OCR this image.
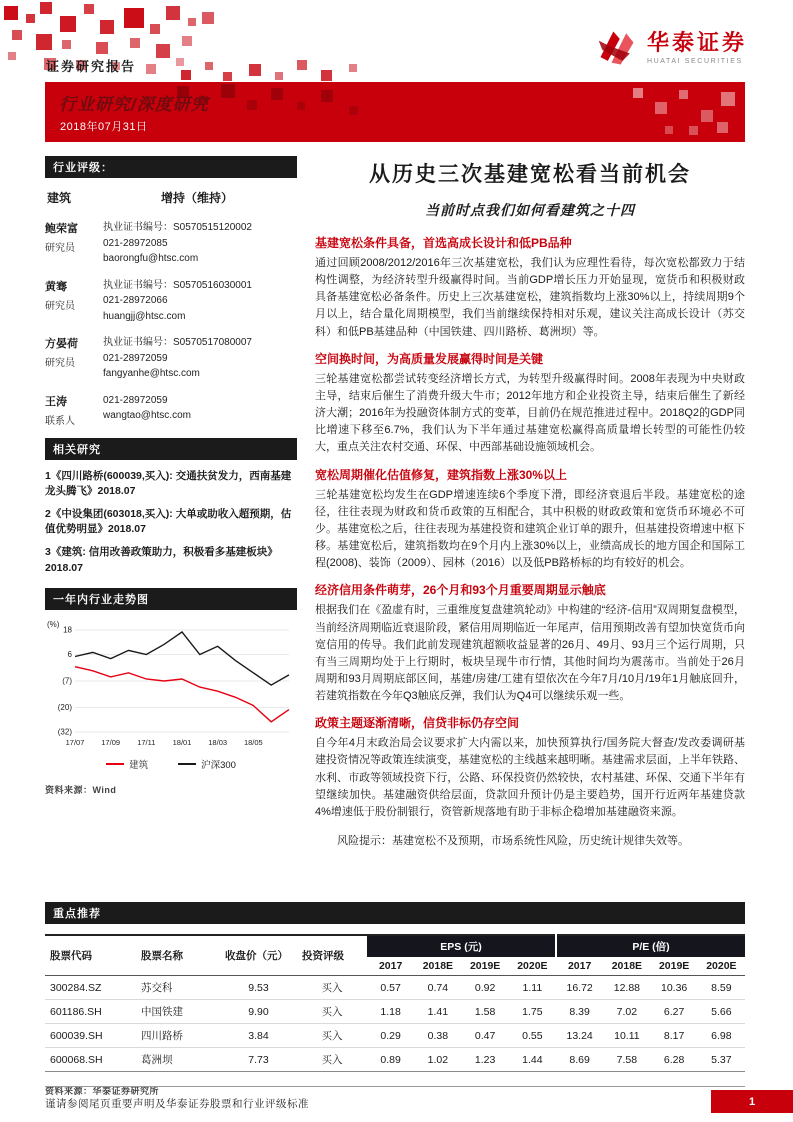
证券研究报告
华泰证券
HUATAI SECURITIES
行业研究/深度研究
2018年07月31日
行业评级：
建筑	增持（维持）
鲍荣富
研究员
执业证书编号：S0570515120002
021-28972085
baorongfu@htsc.com
黄骞
研究员
执业证书编号：S0570516030001
021-28972066
huangjj@htsc.com
方晏荷
研究员
执业证书编号：S0570517080007
021-28972059
fangyanhe@htsc.com
王涛
联系人
021-28972059
wangtao@htsc.com
相关研究
1《四川路桥(600039,买入): 交通扶贫发力，西南基建龙头腾飞》2018.07
2《中设集团(603018,买入): 大单或助收入超预期，估值优势明显》2018.07
3《建筑: 信用改善政策助力，积极看多基建板块》2018.07
一年内行业走势图
(%)
18
6
(7)
(20)
(32)
17/07 17/09 17/11 18/01 18/03 18/05
建筑	沪深300
资料来源：Wind
从历史三次基建宽松看当前机会
当前时点我们如何看建筑之十四
基建宽松条件具备，首选高成长设计和低PB品种

通过回顾2008/2012/2016年三次基建宽松，我们认为应理性看待，每次宽松都致力于结构性调整，为经济转型升级赢得时间。当前GDP增长压力开始显现，宽货币和积极财政具备基建宽松必备条件。历史上三次基建宽松，建筑指数均上涨30%以上，持续周期9个月以上，结合量化周期模型，我们当前继续保持相对乐观，建议关注高成长设计（苏交科）和低PB基建品种（中国铁建、四川路桥、葛洲坝）等。

空间换时间，为高质量发展赢得时间是关键

三轮基建宽松都尝试转变经济增长方式，为转型升级赢得时间。2008年表现为中央财政主导，结束后催生了消费升级大牛市；2012年地方和企业投资主导，结束后催生了新经济大潮；2016年为投融资体制方式的变革，目前仍在规范推进过程中。2018Q2的GDP同比增速下移至6.7%，我们认为下半年通过基建宽松赢得高质量增长转型的可能性仍较大，重点关注农村交通、环保、中西部基础设施领域机会。

宽松周期催化估值修复，建筑指数上涨30%以上

三轮基建宽松均发生在GDP增速连续6个季度下滑，即经济衰退后半段。基建宽松的途径，往往表现为财政和货币政策的互相配合，其中积极的财政政策和宽货币环境必不可少。基建宽松之后，往往表现为基建投资和建筑企业订单的跟升，但基建投资增速中枢下移。基建宽松后，建筑指数均在9个月内上涨30%以上，业绩高成长的地方国企和国际工程(2008)、装饰（2009）、园林（2016）以及低PB路桥标的均有较好的机会。

经济信用条件萌芽，26个月和93个月重要周期显示触底

根据我们在《盈虚有时，三重维度复盘建筑轮动》中构建的“经济-信用”双周期复盘模型，当前经济周期临近衰退阶段，紧信用周期临近一年尾声，信用预期改善有望加快宽货币向宽信用的传导。我们此前发现建筑超额收益显著的26月、49月、93月三个运行周期，只有当三周期均处于上行期时，板块呈现牛市行情，其他时间均为震荡市。当前处于26月周期和93月周期底部区间，基建/房建/工建有望依次在今年7月/10月/19年1月触底回升，若建筑指数在今年Q3触底反弹，我们认为Q4可以继续乐观一些。

政策主题逐渐清晰，信贷非标仍存空间

自今年4月末政治局会议要求扩大内需以来，加快预算执行/国务院大督查/发改委调研基建投资情况等政策连续演变，基建宽松的主线越来越明晰。基建需求层面，上半年铁路、水利、市政等领域投资下行，公路、环保投资仍然较快，农村基建、环保、交通下半年有望继续加快。基建融资供给层面，贷款回升预计仍是主要趋势，国开行近两年基建贷款4%增速低于股份制银行，资管新规落地有助于非标企稳增加基建融资来源。

风险提示：基建宽松不及预期，市场系统性风险，历史统计规律失效等。

重点推荐
股票代码	股票名称	收盘价（元）	投资评级	EPS (元)				P/E (倍)			
				2017	2018E	2019E	2020E	2017	2018E	2019E	2020E
300284.SZ	苏交科	9.53	买入	0.57	0.74	0.92	1.11	16.72	12.88	10.36	8.59
601186.SH	中国铁建	9.90	买入	1.18	1.41	1.58	1.75	8.39	7.02	6.27	5.66
600039.SH	四川路桥	3.84	买入	0.29	0.38	0.47	0.55	13.24	10.11	8.17	6.98
600068.SH	葛洲坝	7.73	买入	0.89	1.02	1.23	1.44	8.69	7.58	6.28	5.37
资料来源：华泰证券研究所
谨请参阅尾页重要声明及华泰证券股票和行业评级标准	1
